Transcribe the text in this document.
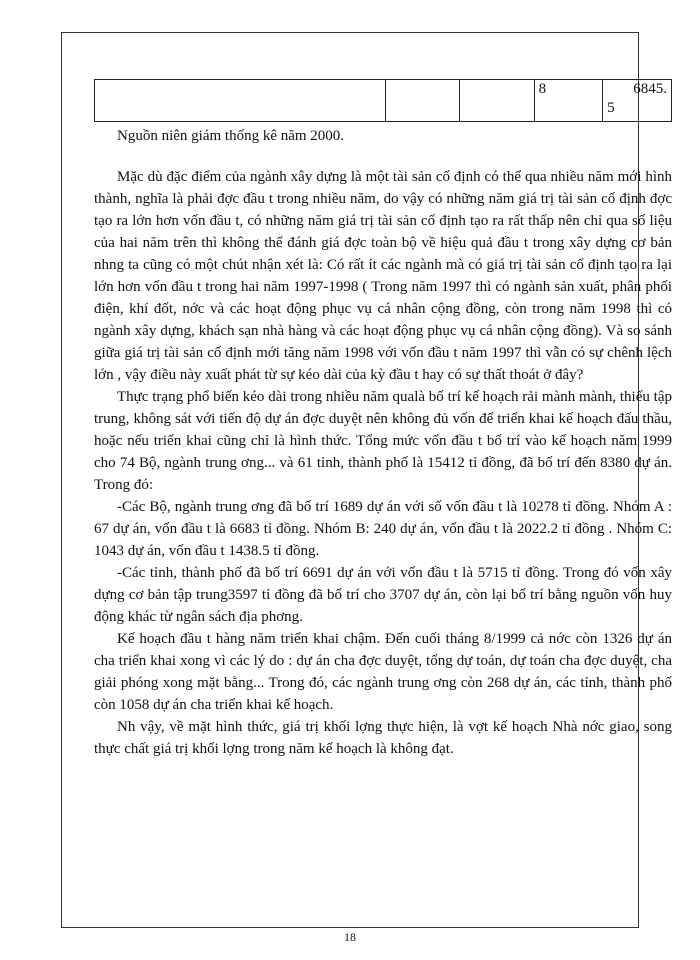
			8	6845.
5
Nguồn niên giám thống kê năm 2000.

Mặc dù đặc điểm của ngành xây dựng là một tài sản cố định có thể qua nhiều năm mới hình thành, nghĩa là phải đợc đầu t trong nhiều năm, do vậy có những năm giá trị tài sản cố định đợc tạo ra lớn hơn vốn đầu t, có những năm giá trị tài sản cố định tạo ra rất thấp nên chỉ qua số liệu của hai năm trên thì không thể đánh giá đợc toàn bộ về hiệu quả đầu t trong xây dựng cơ bản nhng ta cũng có một chút nhận xét là: Có rất ít các ngành mà có giá trị tài sản cố định tạo ra lại lớn hơn vốn đầu t trong hai năm 1997-1998 ( Trong năm 1997 thì có ngành sản xuất, phân phối điện, khí đốt, nớc và các hoạt động phục vụ cá nhân cộng đồng, còn trong năm 1998 thì có ngành xây dựng, khách sạn nhà hàng và các hoạt động phục vụ cá nhân cộng đồng). Và so sánh giữa giá trị tài sản cố định mới tăng năm 1998 với vốn đầu t năm 1997 thì vẫn có sự chênh lệch lớn , vậy điều này xuất phát từ sự kéo dài của kỳ đầu t hay có sự thất thoát ở đây?

Thực trạng phổ biến kéo dài trong nhiều năm qualà bố trí kế hoạch rải mành mành, thiếu tập trung, không sát với tiến độ dự án đợc duyệt nên không đủ vốn để triển khai kế hoạch đấu thầu, hoặc nếu triển khai cũng chỉ là hình thức. Tổng mức vốn đầu t bố trí vào kế hoạch năm 1999 cho 74 Bộ, ngành trung ơng... và 61 tỉnh, thành phố là 15412 tỉ đồng, đã bố trí đến 8380 dự án. Trong đó:

-Các Bộ, ngành trung ơng đã bố trí 1689 dự án với số vốn đầu t là 10278 tỉ đồng. Nhóm A : 67 dự án, vốn đầu t là 6683 tỉ đồng. Nhóm B: 240 dự án, vốn đầu t là 2022.2 tỉ đồng . Nhóm C: 1043 dự án, vốn đầu t 1438.5 tỉ đồng.

-Các tỉnh, thành phố đã bố trí 6691 dự án với vốn đầu t là 5715 tỉ đồng. Trong đó vốn xây dựng cơ bản tập trung3597 tỉ đồng đã bố trí cho 3707 dự án, còn lại bố trí bằng nguồn vốn huy động khác từ ngân sách địa phơng.

Kế hoạch đầu t hàng năm triển khai chậm. Đến cuối tháng 8/1999 cả nớc còn 1326 dự án cha triển khai xong vì các lý do : dự án cha đợc duyệt, tổng dự toán, dự toán cha đợc duyệt, cha giải phóng xong mặt bằng... Trong đó, các ngành trung ơng còn 268 dự án, các tỉnh, thành phố còn 1058 dự án cha triển khai kế hoạch.

Nh vậy, về mặt hình thức, giá trị khối lợng thực hiện, là vợt kế hoạch Nhà nớc giao, song thực chất giá trị khối lợng trong năm kế hoạch là không đạt.

18
